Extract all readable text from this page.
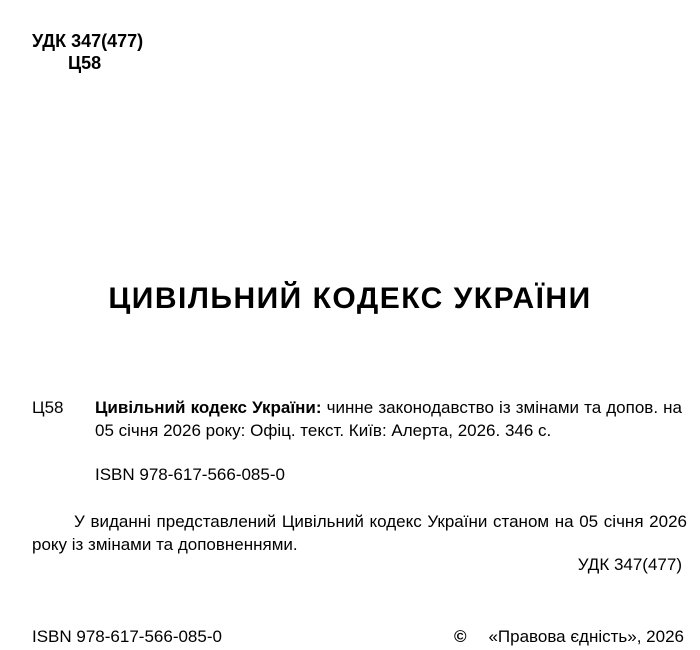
УДК 347(477)
Ц58
ЦИВІЛЬНИЙ КОДЕКС УКРАЇНИ
Ц58 Цивільний кодекс України: чинне законодавство із змінами та допов. на 05 січня 2026 року: Офіц. текст. Київ: Алерта, 2026. 346 с.
ISBN 978-617-566-085-0
У виданні представлений Цивільний кодекс України станом на 05 січня 2026 року із змінами та доповненнями.
УДК 347(477)
ISBN 978-617-566-085-0	© «Правова єдність», 2026
